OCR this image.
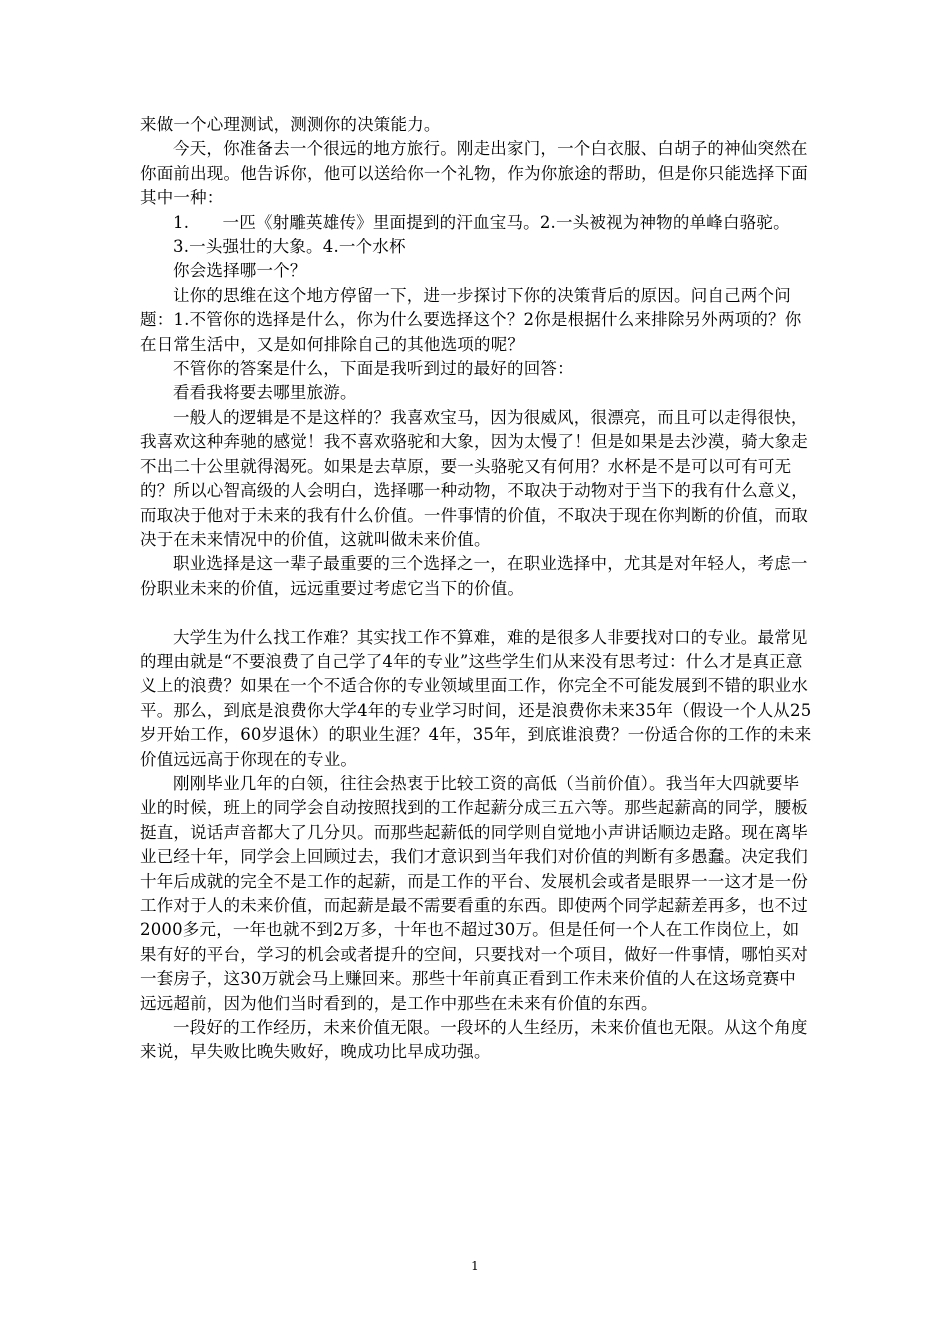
来做一个心理测试，测测你的决策能力。

今天，你准备去一个很远的地方旅行。刚走出家门，一个白衣服、白胡子的神仙突然在你面前出现。他告诉你，他可以送给你一个礼物，作为你旅途的帮助，但是你只能选择下面其中一种：

1.　　一匹《射雕英雄传》里面提到的汗血宝马。2.一头被视为神物的单峰白骆驼。

3.一头强壮的大象。4.一个水杯

你会选择哪一个？

让你的思维在这个地方停留一下，进一步探讨下你的决策背后的原因。问自己两个问题：1.不管你的选择是什么，你为什么要选择这个？2你是根据什么来排除另外两项的？你在日常生活中，又是如何排除自己的其他选项的呢？

不管你的答案是什么，下面是我听到过的最好的回答：

看看我将要去哪里旅游。

一般人的逻辑是不是这样的？我喜欢宝马，因为很威风，很漂亮，而且可以走得很快，我喜欢这种奔驰的感觉！我不喜欢骆驼和大象，因为太慢了！但是如果是去沙漠，骑大象走不出二十公里就得渴死。如果是去草原，要一头骆驼又有何用？水杯是不是可以可有可无的？所以心智高级的人会明白，选择哪一种动物，不取决于动物对于当下的我有什么意义，而取决于他对于未来的我有什么价值。一件事情的价值，不取决于现在你判断的价值，而取决于在未来情况中的价值，这就叫做未来价值。

职业选择是这一辈子最重要的三个选择之一，在职业选择中，尤其是对年轻人，考虑一份职业未来的价值，远远重要过考虑它当下的价值。

大学生为什么找工作难？其实找工作不算难，难的是很多人非要找对口的专业。最常见的理由就是“不要浪费了自己学了4年的专业”这些学生们从来没有思考过：什么才是真正意义上的浪费？如果在一个不适合你的专业领域里面工作，你完全不可能发展到不错的职业水平。那么，到底是浪费你大学4年的专业学习时间，还是浪费你未来35年（假设一个人从25岁开始工作，60岁退休）的职业生涯？4年，35年，到底谁浪费？一份适合你的工作的未来价值远远高于你现在的专业。

刚刚毕业几年的白领，往往会热衷于比较工资的高低（当前价值）。我当年大四就要毕业的时候，班上的同学会自动按照找到的工作起薪分成三五六等。那些起薪高的同学，腰板挺直，说话声音都大了几分贝。而那些起薪低的同学则自觉地小声讲话顺边走路。现在离毕业已经十年，同学会上回顾过去，我们才意识到当年我们对价值的判断有多愚蠢。决定我们十年后成就的完全不是工作的起薪，而是工作的平台、发展机会或者是眼界一一这才是一份工作对于人的未来价值，而起薪是最不需要看重的东西。即使两个同学起薪差再多，也不过2000多元，一年也就不到2万多，十年也不超过30万。但是任何一个人在工作岗位上，如果有好的平台，学习的机会或者提升的空间，只要找对一个项目，做好一件事情，哪怕买对一套房子，这30万就会马上赚回来。那些十年前真正看到工作未来价值的人在这场竞赛中远远超前，因为他们当时看到的，是工作中那些在未来有价值的东西。

一段好的工作经历，未来价值无限。一段坏的人生经历，未来价值也无限。从这个角度来说，早失败比晚失败好，晚成功比早成功强。

1
